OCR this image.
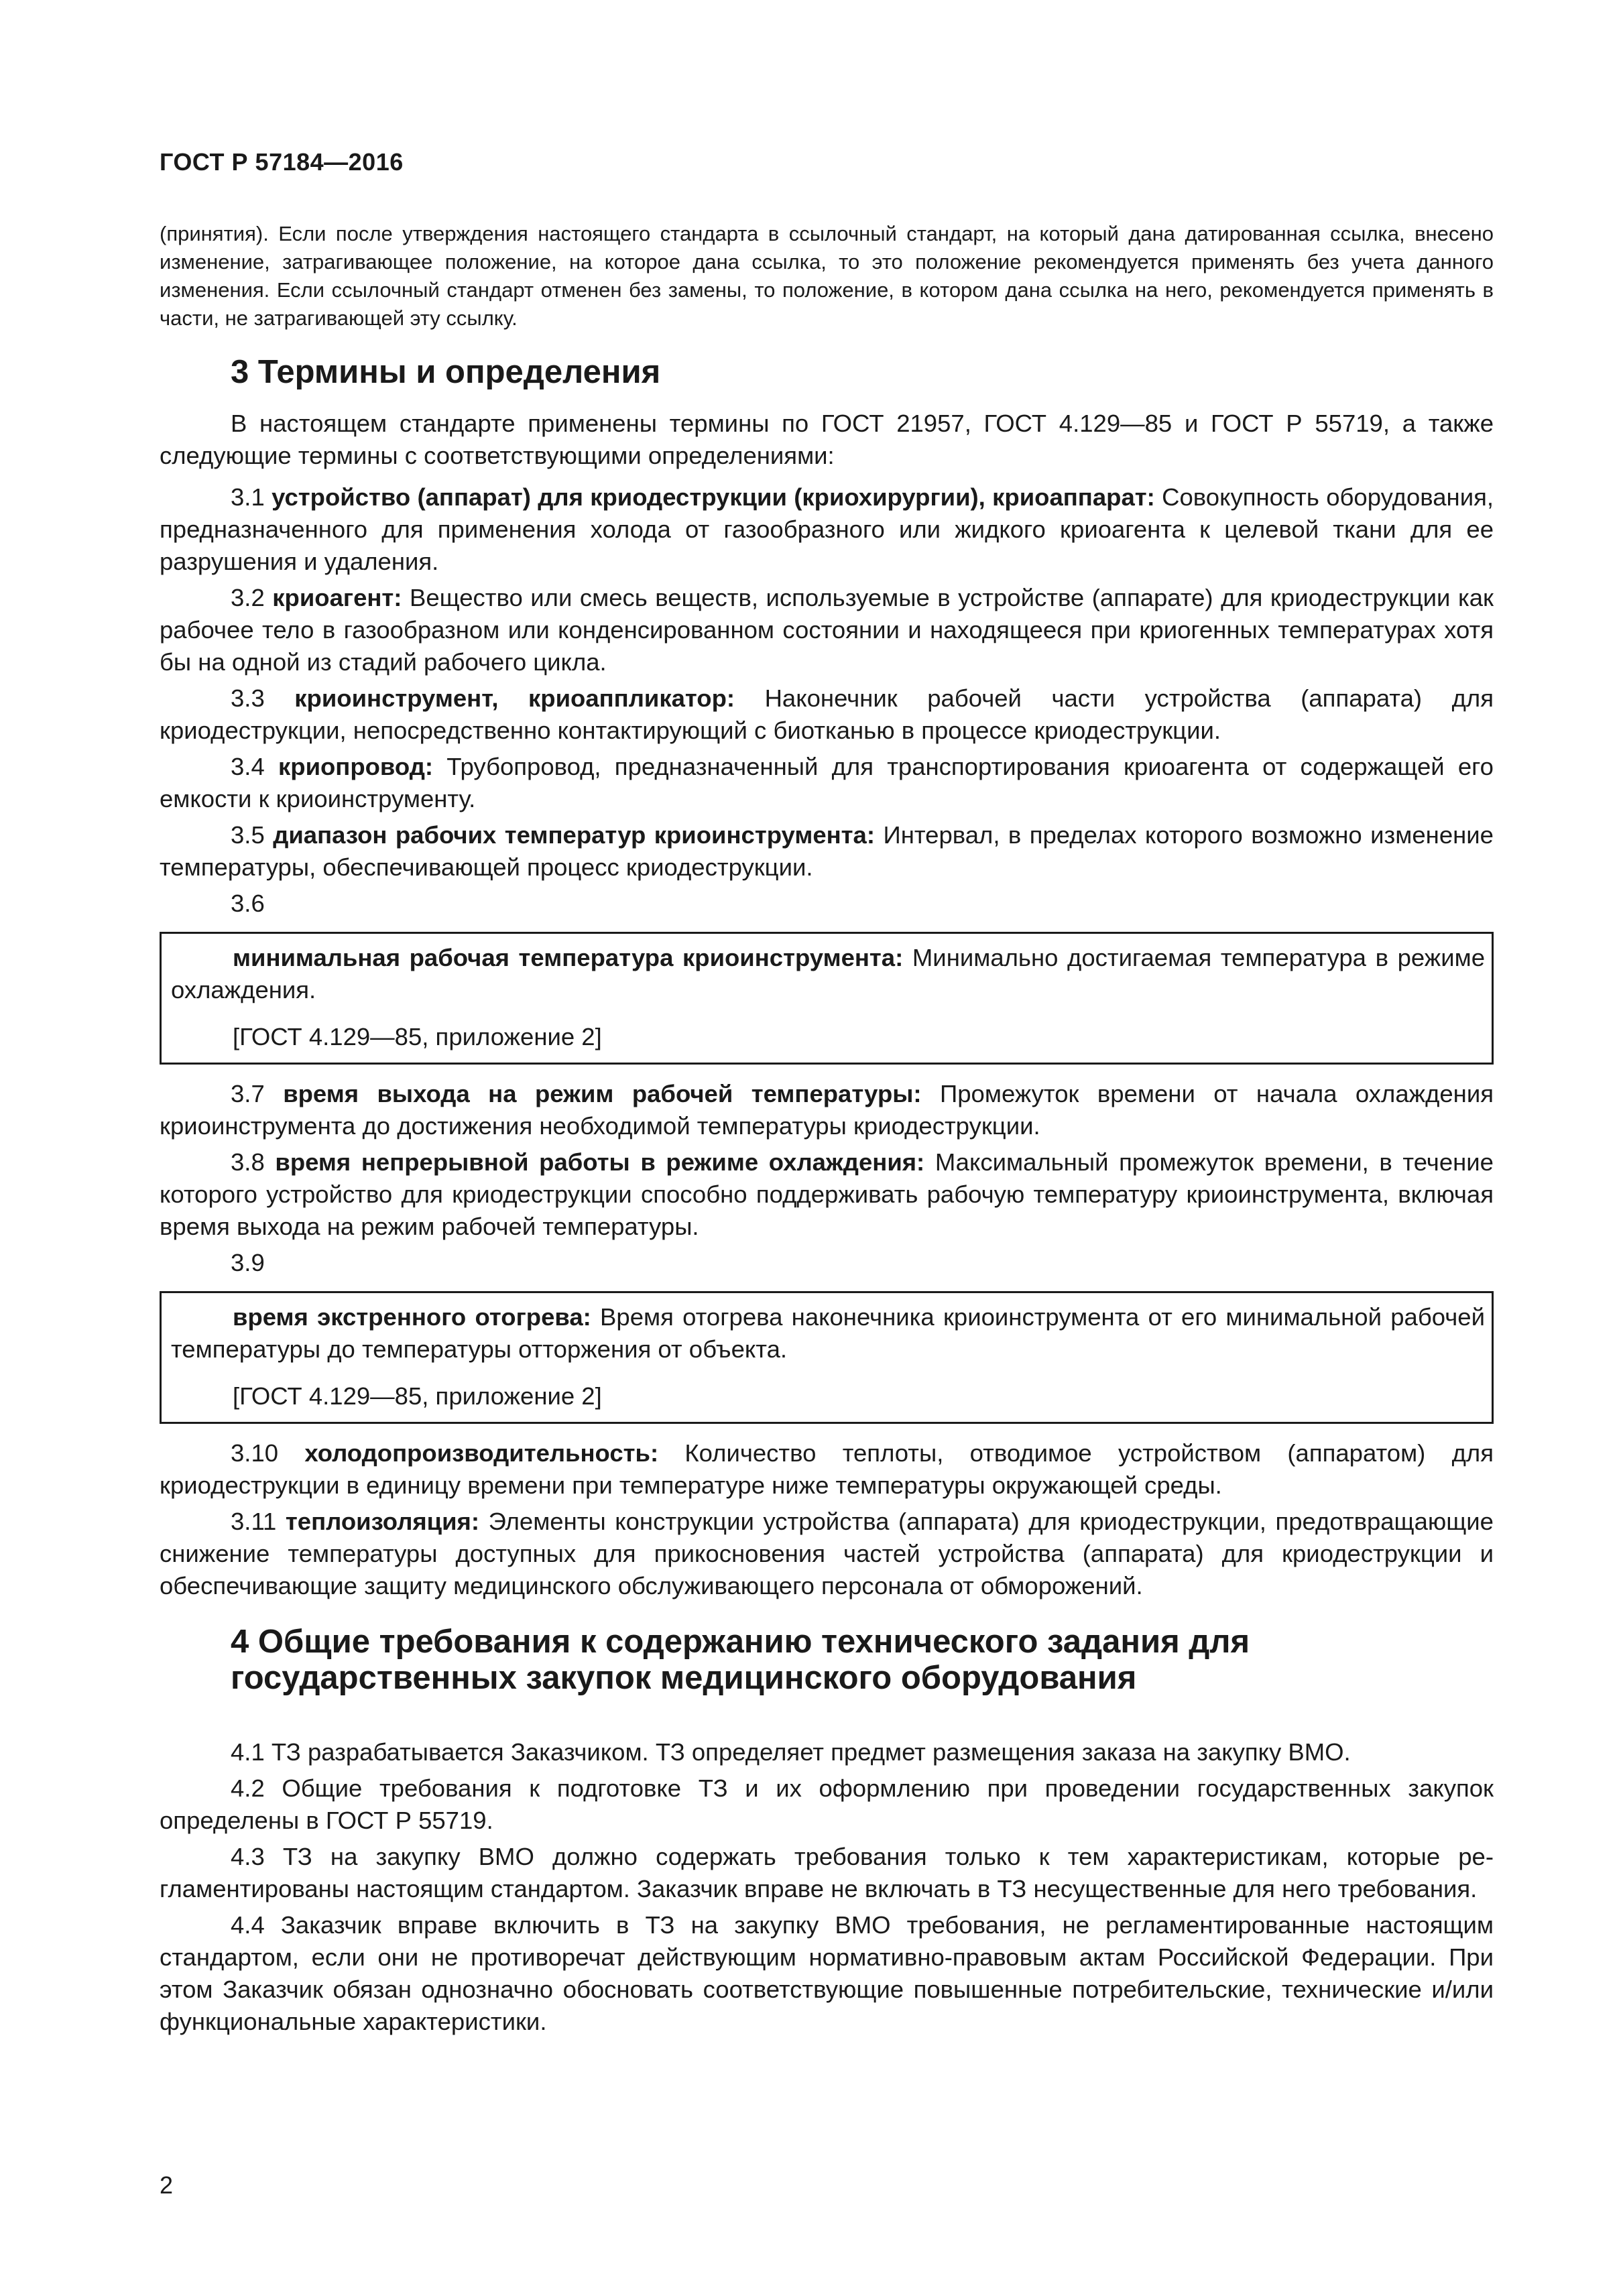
ГОСТ Р 57184—2016

(принятия). Если после утверждения настоящего стандарта в ссылочный стандарт, на который дана датированная ссылка, внесено изменение, затрагивающее положение, на которое дана ссылка, то это положение рекомендуется применять без учета данного изменения. Если ссылочный стандарт отменен без замены, то положение, в котором дана ссылка на него, рекомендуется применять в части, не затрагивающей эту ссылку.

3 Термины и определения

В настоящем стандарте применены термины по ГОСТ 21957, ГОСТ 4.129—85 и ГОСТ Р 55719, а также следующие термины с соответствующими определениями:

3.1 устройство (аппарат) для криодеструкции (криохирургии), криоаппарат: Совокупность оборудования, предназначенного для применения холода от газообразного или жидкого криоагента к целевой ткани для ее разрушения и удаления.

3.2 криоагент: Вещество или смесь веществ, используемые в устройстве (аппарате) для криодеструкции как рабочее тело в газообразном или конденсированном состоянии и находящееся при криогенных температурах хотя бы на одной из стадий рабочего цикла.

3.3 криоинструмент, криоаппликатор: Наконечник рабочей части устройства (аппарата) для криодеструкции, непосредственно контактирующий с биотканью в процессе криодеструкции.

3.4 криопровод: Трубопровод, предназначенный для транспортирования криоагента от содержащей его емкости к криоинструменту.

3.5 диапазон рабочих температур криоинструмента: Интервал, в пределах которого возможно изменение температуры, обеспечивающей процесс криодеструкции.

3.6

минимальная рабочая температура криоинструмента: Минимально достигаемая температура в режиме охлаждения.

[ГОСТ 4.129—85, приложение 2]

3.7 время выхода на режим рабочей температуры: Промежуток времени от начала охлаждения криоинструмента до достижения необходимой температуры криодеструкции.

3.8 время непрерывной работы в режиме охлаждения: Максимальный промежуток времени, в течение которого устройство для криодеструкции способно поддерживать рабочую температуру криоинструмента, включая время выхода на режим рабочей температуры.

3.9

время экстренного отогрева: Время отогрева наконечника криоинструмента от его минимальной рабочей температуры до температуры отторжения от объекта.

[ГОСТ 4.129—85, приложение 2]

3.10 холодопроизводительность: Количество теплоты, отводимое устройством (аппаратом) для криодеструкции в единицу времени при температуре ниже температуры окружающей среды.

3.11 теплоизоляция: Элементы конструкции устройства (аппарата) для криодеструкции, предотвращающие снижение температуры доступных для прикосновения частей устройства (аппарата) для криодеструкции и обеспечивающие защиту медицинского обслуживающего персонала от обморожений.

4 Общие требования к содержанию технического задания для
государственных закупок медицинского оборудования

4.1 ТЗ разрабатывается Заказчиком. ТЗ определяет предмет размещения заказа на закупку ВМО.

4.2 Общие требования к подготовке ТЗ и их оформлению при проведении государственных закупок определены в ГОСТ Р 55719.

4.3 ТЗ на закупку ВМО должно содержать требования только к тем характеристикам, которые регламентированы настоящим стандартом. Заказчик вправе не включать в ТЗ несущественные для него требования.

4.4 Заказчик вправе включить в ТЗ на закупку ВМО требования, не регламентированные настоящим стандартом, если они не противоречат действующим нормативно-правовым актам Российской Федерации. При этом Заказчик обязан однозначно обосновать соответствующие повышенные потребительские, технические и/или функциональные характеристики.

2
